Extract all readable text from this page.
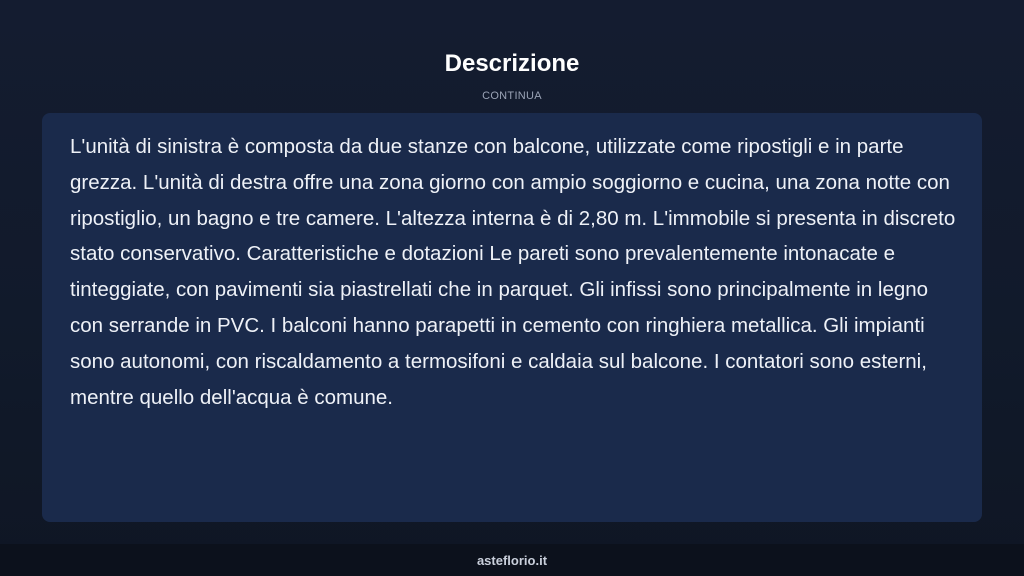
Descrizione
CONTINUA

L'unità di sinistra è composta da due stanze con balcone, utilizzate come ripostigli e in parte grezza. L'unità di destra offre una zona giorno con ampio soggiorno e cucina, una zona notte con ripostiglio, un bagno e tre camere. L'altezza interna è di 2,80 m. L'immobile si presenta in discreto stato conservativo. Caratteristiche e dotazioni Le pareti sono prevalentemente intonacate e tinteggiate, con pavimenti sia piastrellati che in parquet. Gli infissi sono principalmente in legno con serrande in PVC. I balconi hanno parapetti in cemento con ringhiera metallica. Gli impianti sono autonomi, con riscaldamento a termosifoni e caldaia sul balcone. I contatori sono esterni, mentre quello dell'acqua è comune.

asteflorio.it
